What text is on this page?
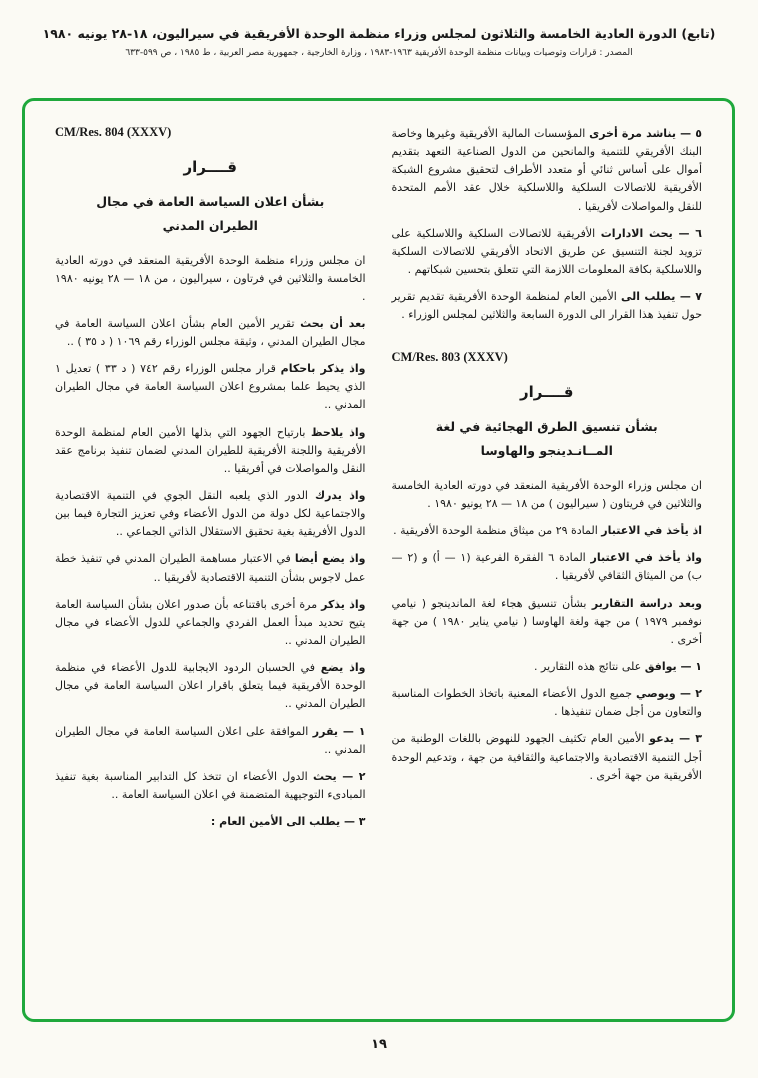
(تابع) الدورة العادية الخامسة والثلاثون لمجلس وزراء منظمة الوحدة الأفريقية في سيراليون، ١٨-٢٨ يونيه ١٩٨٠
المصدر : قرارات وتوصيات وبيانات منظمة الوحدة الأفريقية ١٩٦٣-١٩٨٣ ، وزارة الخارجية ، جمهورية مصر العربية ، ط ١٩٨٥ ، ص ٥٩٩-٦٣٣

٥ — يناشد مرة أخرى المؤسسات المالية الأفريقية وغيرها وخاصة البنك الأفريقي للتنمية والمانحين من الدول الصناعية التعهد بتقديم أموال على أساس ثنائي أو متعدد الأطراف لتحقيق مشروع الشبكة الأفريقية للاتصالات السلكية واللاسلكية خلال عقد الأمم المتحدة للنقل والمواصلات لأفريقيا .

٦ — يحث الادارات الأفريقية للاتصالات السلكية واللاسلكية على تزويد لجنة التنسيق عن طريق الاتحاد الأفريقي للاتصالات السلكية واللاسلكية بكافة المعلومات اللازمة التي تتعلق بتحسين شبكاتهم .

٧ — يطلب الى الأمين العام لمنظمة الوحدة الأفريقية تقديم تقرير حول تنفيذ هذا القرار الى الدورة السابعة والثلاثين لمجلس الوزراء .

CM/Res. 803 (XXXV)
قــــرار
بشأن تنسيق الطرق الهجائية في لغة
المــانـدينجو والهاوسا

ان مجلس وزراء الوحدة الأفريقية المنعقد في دورته العادية الخامسة والثلاثين في فريتاون ( سيراليون ) من ١٨ — ٢٨ يونيو ١٩٨٠ .

اذ يأخذ في الاعتبار المادة ٢٩ من ميثاق منظمة الوحدة الأفريقية .

واذ يأخذ في الاعتبار المادة ٦ الفقرة الفرعية (١ — أ) و (٢ — ب) من الميثاق الثقافي لأفريقيا .

وبعد دراسة التقارير بشأن تنسيق هجاء لغة الماندينجو ( نيامي نوفمبر ١٩٧٩ ) من جهة ولغة الهاوسا ( نيامي يناير ١٩٨٠ ) من جهة أخرى .

١ — يوافق على نتائج هذه التقارير .

٢ — ويوصي جميع الدول الأعضاء المعنية باتخاذ الخطوات المناسبة والتعاون من أجل ضمان تنفيذها .

٣ — يدعو الأمين العام تكثيف الجهود للنهوض باللغات الوطنية من أجل التنمية الاقتصادية والاجتماعية والثقافية من جهة ، وتدعيم الوحدة الأفريقية من جهة أخرى .

CM/Res. 804 (XXXV)
قــــرار
بشأن اعلان السياسة العامة في مجال
الطيران المدني

ان مجلس وزراء منظمة الوحدة الأفريقية المنعقد في دورته العادية الخامسة والثلاثين في فرتاون ، سيراليون ، من ١٨ — ٢٨ يونيه ١٩٨٠ .

بعد أن بحث تقرير الأمين العام بشأن اعلان السياسة العامة في مجال الطيران المدني ، وثيقة مجلس الوزراء رقم ١٠٦٩ ( د ٣٥ ) ..

واذ يذكر باحكام قرار مجلس الوزراء رقم ٧٤٢ ( د ٣٣ ) تعديل ١ الذي يحيط علما بمشروع اعلان السياسة العامة في مجال الطيران المدني ..

واذ يلاحظ بارتياح الجهود التي بذلها الأمين العام لمنظمة الوحدة الأفريقية واللجنة الأفريقية للطيران المدني لضمان تنفيذ برنامج عقد النقل والمواصلات في أفريقيا ..

واذ يدرك الدور الذي يلعبه النقل الجوي في التنمية الاقتصادية والاجتماعية لكل دولة من الدول الأعضاء وفي تعزيز التجارة فيما بين الدول الأفريقية بغية تحقيق الاستقلال الذاتي الجماعي ..

واذ يضع أيضا في الاعتبار مساهمة الطيران المدني في تنفيذ خطة عمل لاجوس بشأن التنمية الاقتصادية لأفريقيا ..

واذ يذكر مرة أخرى باقتناعه بأن صدور اعلان بشأن السياسة العامة يتيح تحديد مبدأ العمل الفردي والجماعي للدول الأعضاء في مجال الطيران المدني ..

واذ يضع في الحسبان الردود الايجابية للدول الأعضاء في منظمة الوحدة الأفريقية فيما يتعلق باقرار اعلان السياسة العامة في مجال الطيران المدني ..

١ — يقرر الموافقة على اعلان السياسة العامة في مجال الطيران المدني ..

٢ — يحث الدول الأعضاء ان تتخذ كل التدابير المناسبة بغية تنفيذ المبادىء التوجيهية المتضمنة في اعلان السياسة العامة ..

٣ — يطلب الى الأمين العام :

١٩
